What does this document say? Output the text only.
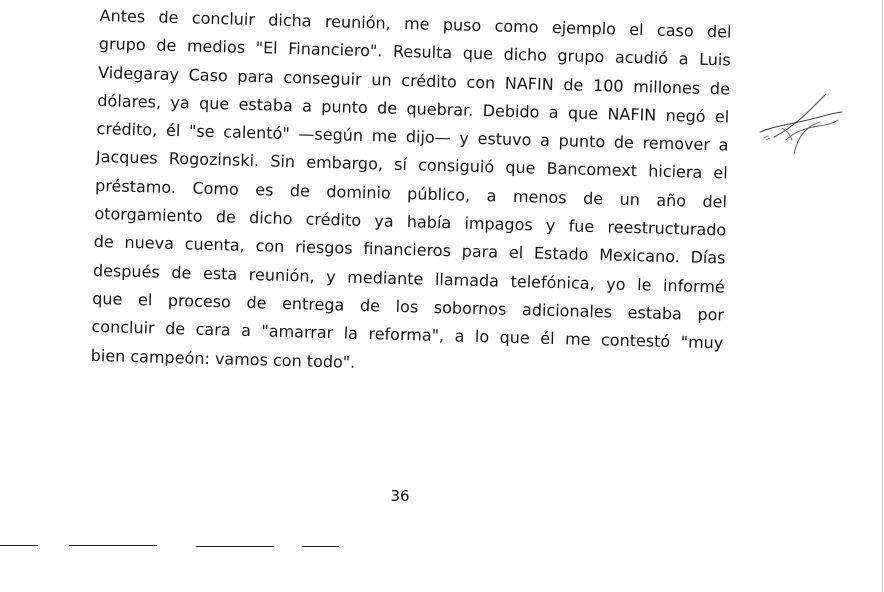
Antes de concluir dicha reunión, me puso como ejemplo el caso del
grupo de medios "El Financiero". Resulta que dicho grupo acudió a Luis
Videgaray Caso para conseguir un crédito con NAFIN de 100 millones de
dólares, ya que estaba a punto de quebrar. Debido a que NAFIN negó el
crédito, él "se calentó" —según me dijo— y estuvo a punto de remover a
Jacques Rogozinski. Sin embargo, sí consiguió que Bancomext hiciera el
préstamo. Como es de dominio público, a menos de un año del
otorgamiento de dicho crédito ya había impagos y fue reestructurado
de nueva cuenta, con riesgos financieros para el Estado Mexicano. Días
después de esta reunión, y mediante llamada telefónica, yo le informé
que el proceso de entrega de los sobornos adicionales estaba por
concluir de cara a "amarrar la reforma", a lo que él me contestó "muy
bien campeón: vamos con todo".
36
